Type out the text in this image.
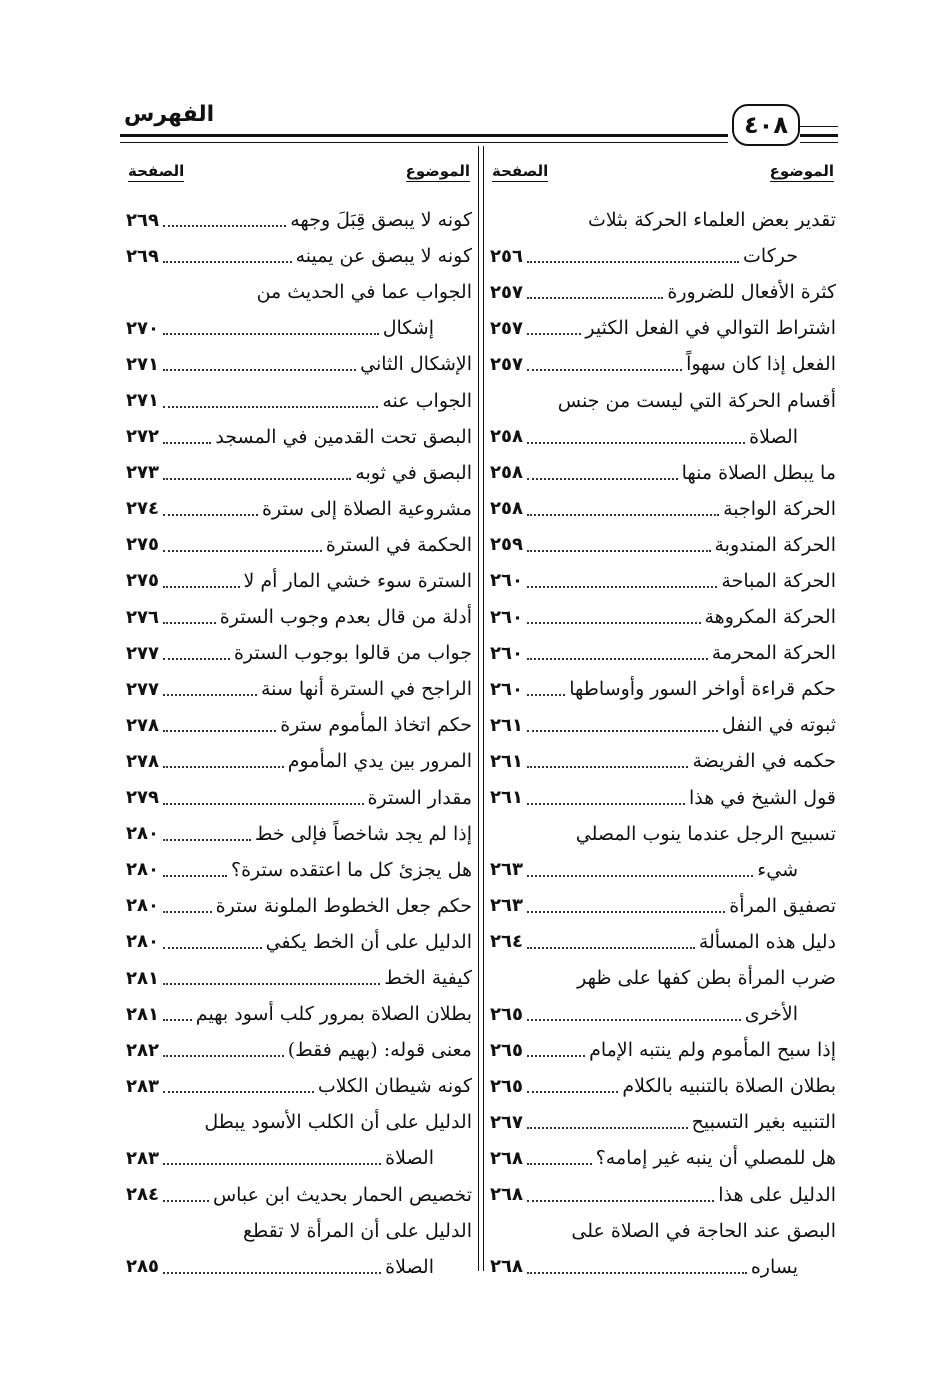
٤٠٨
الفهرس
الموضوع
الصفحة
تقدير بعض العلماء الحركة بثلاث
حركات
٢٥٦
كثرة الأفعال للضرورة
٢٥٧
اشتراط التوالي في الفعل الكثير
٢٥٧
الفعل إذا كان سهواً
٢٥٧
أقسام الحركة التي ليست من جنس
الصلاة
٢٥٨
ما يبطل الصلاة منها
٢٥٨
الحركة الواجبة
٢٥٨
الحركة المندوبة
٢٥٩
الحركة المباحة
٢٦٠
الحركة المكروهة
٢٦٠
الحركة المحرمة
٢٦٠
حكم قراءة أواخر السور وأوساطها
٢٦٠
ثبوته في النفل
٢٦١
حكمه في الفريضة
٢٦١
قول الشيخ في هذا
٢٦١
تسبيح الرجل عندما ينوب المصلي
شيء
٢٦٣
تصفيق المرأة
٢٦٣
دليل هذه المسألة
٢٦٤
ضرب المرأة بطن كفها على ظهر
الأخرى
٢٦٥
إذا سبح المأموم ولم ينتبه الإمام
٢٦٥
بطلان الصلاة بالتنبيه بالكلام
٢٦٥
التنبيه بغير التسبيح
٢٦٧
هل للمصلي أن ينبه غير إمامه؟
٢٦٨
الدليل على هذا
٢٦٨
البصق عند الحاجة في الصلاة على
يساره
٢٦٨
الموضوع
الصفحة
كونه لا يبصق قِبَلَ وجهه
٢٦٩
كونه لا يبصق عن يمينه
٢٦٩
الجواب عما في الحديث من
إشكال
٢٧٠
الإشكال الثاني
٢٧١
الجواب عنه
٢٧١
البصق تحت القدمين في المسجد
٢٧٢
البصق في ثوبه
٢٧٣
مشروعية الصلاة إلى سترة
٢٧٤
الحكمة في السترة
٢٧٥
السترة سوء خشي المار أم لا
٢٧٥
أدلة من قال بعدم وجوب السترة
٢٧٦
جواب من قالوا بوجوب السترة
٢٧٧
الراجح في السترة أنها سنة
٢٧٧
حكم اتخاذ المأموم سترة
٢٧٨
المرور بين يدي المأموم
٢٧٨
مقدار السترة
٢٧٩
إذا لم يجد شاخصاً فإلى خط
٢٨٠
هل يجزئ كل ما اعتقده سترة؟
٢٨٠
حكم جعل الخطوط الملونة سترة
٢٨٠
الدليل على أن الخط يكفي
٢٨٠
كيفية الخط
٢٨١
بطلان الصلاة بمرور كلب أسود بهيم
٢٨١
معنى قوله: (بهيم فقط)
٢٨٢
كونه شيطان الكلاب
٢٨٣
الدليل على أن الكلب الأسود يبطل
الصلاة
٢٨٣
تخصيص الحمار بحديث ابن عباس
٢٨٤
الدليل على أن المرأة لا تقطع
الصلاة
٢٨٥
